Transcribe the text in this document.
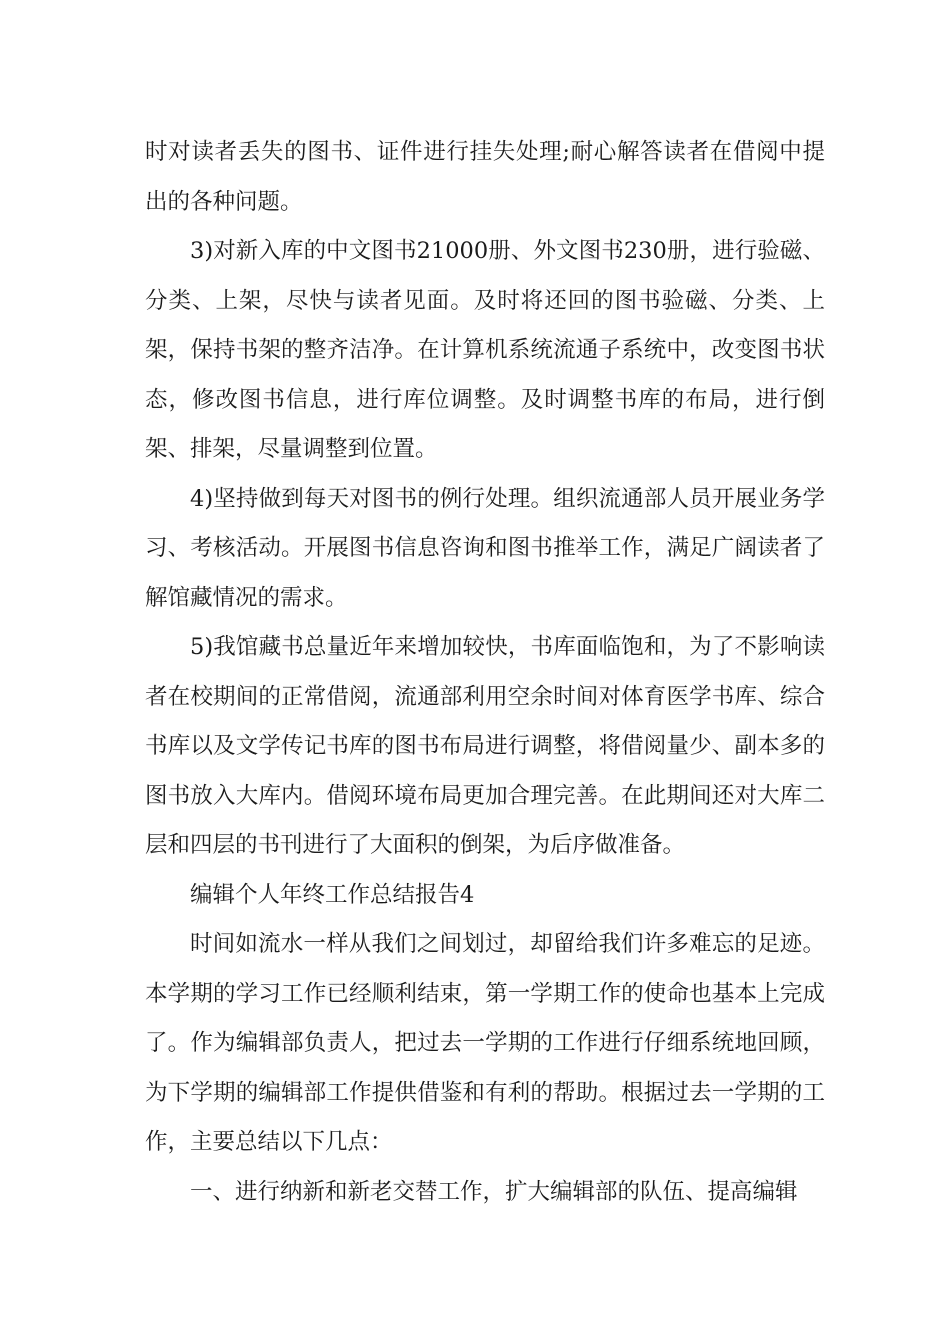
时对读者丢失的图书、证件进行挂失处理;耐心解答读者在借阅中提出的各种问题。

3)对新入库的中文图书21000册、外文图书230册，进行验磁、分类、上架，尽快与读者见面。及时将还回的图书验磁、分类、上架，保持书架的整齐洁净。在计算机系统流通子系统中，改变图书状态，修改图书信息，进行库位调整。及时调整书库的布局，进行倒架、排架，尽量调整到位置。

4)坚持做到每天对图书的例行处理。组织流通部人员开展业务学习、考核活动。开展图书信息咨询和图书推举工作，满足广阔读者了解馆藏情况的需求。

5)我馆藏书总量近年来增加较快，书库面临饱和，为了不影响读者在校期间的正常借阅，流通部利用空余时间对体育医学书库、综合书库以及文学传记书库的图书布局进行调整，将借阅量少、副本多的图书放入大库内。借阅环境布局更加合理完善。在此期间还对大库二层和四层的书刊进行了大面积的倒架，为后序做准备。

编辑个人年终工作总结报告4

时间如流水一样从我们之间划过，却留给我们许多难忘的足迹。本学期的学习工作已经顺利结束，第一学期工作的使命也基本上完成了。作为编辑部负责人，把过去一学期的工作进行仔细系统地回顾，为下学期的编辑部工作提供借鉴和有利的帮助。根据过去一学期的工作，主要总结以下几点：

一、进行纳新和新老交替工作，扩大编辑部的队伍、提高编辑
